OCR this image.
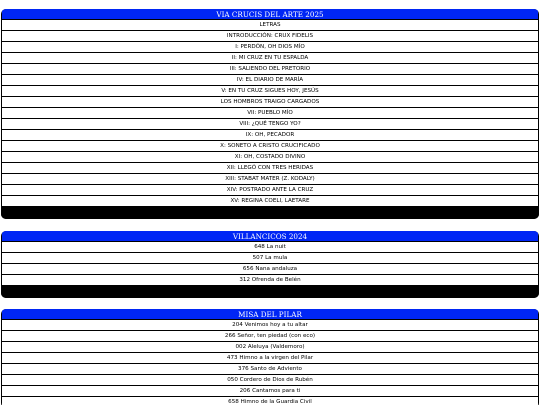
VIA CRUCIS DEL ARTE 2025
LETRAS
INTRODUCCIÓN: CRUX FIDELIS
I: PERDÓN, OH DIOS MÍO
II: MI CRUZ EN TU ESPALDA
III: SALIENDO DEL PRETORIO
IV: EL DIARIO DE MARÍA
V: EN TU CRUZ SIGUES HOY, JESÚS
LOS HOMBROS TRAIGO CARGADOS
VII: PUEBLO MÍO
VIII: ¿QUÉ TENGO YO?
IX: OH, PECADOR
X: SONETO A CRISTO CRUCIFICADO
XI: OH, COSTADO DIVINO
XII: LLEGÓ CON TRES HERIDAS
XIII: STABAT MATER (Z. KODALY)
XIV: POSTRADO ANTE LA CRUZ
XV: REGINA COELI, LAETARE
VILLANCICOS 2024
648 La nuit
507 La mula
656 Nana andaluza
312 Ofrenda de Belén
MISA DEL PILAR
204 Venimos hoy a tu altar
266 Señor, ten piedad (con eco)
002 Aleluya (Valdemoro)
473 Himno a la virgen del Pilar
376 Santo de Adviento
050 Cordero de Dios de Rubén
206 Cantamos para ti
658 Himno de la Guardia Civil
